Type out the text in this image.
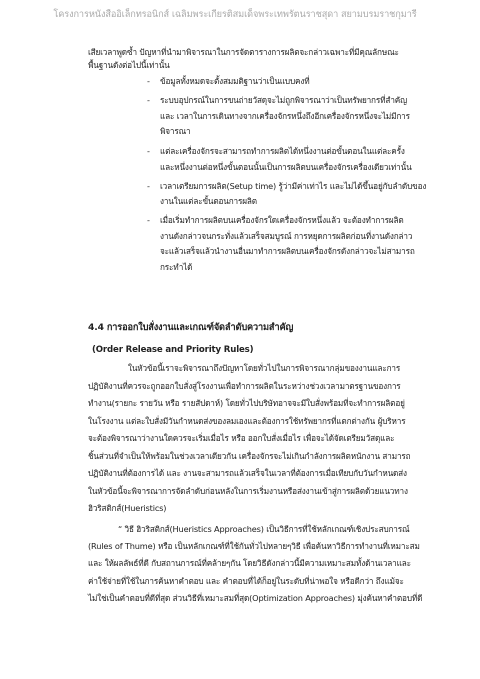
โครงการหนังสืออิเล็กทรอนิกส์ เฉลิมพระเกียรติสมเด็จพระเทพรัตนราชสุดา สยามบรมราชกุมารี
เสียเวลาพูดซ้ำ ปัญหาที่นำมาพิจารณาในการจัดตารางการผลิตจะกล่าวเฉพาะที่มีคุณลักษณะ
พื้นฐานดังต่อไปนี้เท่านั้น
- ข้อมูลทั้งหมดจะตั้งสมมติฐานว่าเป็นแบบคงที่
- ระบบอุปกรณ์ในการขนถ่ายวัสดุจะไม่ถูกพิจารณาว่าเป็นทรัพยากรที่สำคัญ
และ เวลาในการเดินทางจากเครื่องจักรหนึ่งถึงอีกเครื่องจักรหนึ่งจะไม่มีการ
พิจารณา
- แต่ละเครื่องจักรจะสามารถทำการผลิตได้หนึ่งงานต่อขั้นตอนในแต่ละครั้ง
และหนึ่งงานต่อหนึ่งขั้นตอนนั้นเป็นการผลิตบนเครื่องจักรเครื่องเดียวเท่านั้น
- เวลาเตรียมการผลิต(Setup time) รู้ว่ามีค่าเท่าไร และไม่ได้ขึ้นอยู่กับลำดับของ
งานในแต่ละขั้นตอนการผลิต
- เมื่อเริ่มทำการผลิตบนเครื่องจักรใดเครื่องจักรหนึ่งแล้ว จะต้องทำการผลิต
งานดังกล่าวจนกระทั่งแล้วเสร็จสมบูรณ์ การหยุดการผลิตก่อนที่งานดังกล่าว
จะแล้วเสร็จแล้วนำงานอื่นมาทำการผลิตบนเครื่องจักรดังกล่าวจะไม่สามารถ
กระทำได้
4.4 การออกใบสั่งงานและเกณฑ์จัดลำดับความสำคัญ
(Order Release and Priority Rules)
ในหัวข้อนี้เราจะพิจารณาถึงปัญหาโดยทั่วไปในการพิจารณากลุ่มของงานและการ
ปฏิบัติงานที่ควรจะถูกออกใบสั่งสู่โรงงานเพื่อทำการผลิตในระหว่างช่วงเวลามาตรฐานของการ
ทำงาน(รายกะ รายวัน หรือ รายสัปดาห์) โดยทั่วไปบริษัทอาจจะมีใบสั่งพร้อมที่จะทำการผลิตอยู่
ในโรงงาน แต่ละใบสั่งมีวันกำหนดส่งของลมเองและต้องการใช้ทรัพยากรที่แตกต่างกัน ผู้บริหาร
จะต้องพิจารณาว่างานใดควรจะเริ่มเมื่อไร หรือ ออกใบสั่งเมื่อไร เพื่อจะได้จัดเตรียมวัสดุและ
ชิ้นส่วนที่จำเป็นให้พร้อมในช่วงเวลาเดียวกัน เครื่องจักรจะไม่เกินกำลังการผลิตหนักงาน สามารถ
ปฏิบัติงานที่ต้องการได้ และ งานจะสามารถแล้วเสร็จในเวลาที่ต้องการเมื่อเทียบกับวันกำหนดส่ง
ในหัวข้อนี้จะพิจารณาการจัดลำดับก่อนหลังในการเริ่มงานหรือส่งงานเข้าสู่การผลิตด้วยแนวทาง
ฮิวริสติกส์(Hueristics)
“ วิธี ฮิวริสติกส์(Hueristics Approaches) เป็นวิธีการที่ใช้หลักเกณฑ์เชิงประสบการณ์
(Rules of Thume) หรือ เป็นหลักเกณฑ์ที่ใช้กันทั่วไปหลายๆวิธี เพื่อค้นหาวิธีการทำงานที่เหมาะสม
และ ให้ผลลัพธ์ที่ดี กับสถานการณ์ที่คล้ายๆกัน โดยวิธีดังกล่าวนี้มีความเหมาะสมทั้งด้านเวลาและ
ค่าใช้จ่ายที่ใช้ในการค้นหาคำตอบ และ คำตอบที่ได้ก็อยู่ในระดับที่น่าพอใจ หรือดีกว่า ถึงแม้จะ
ไม่ใช่เป็นคำตอบที่ดีที่สุด ส่วนวิธีที่เหมาะสมที่สุด(Optimization Approaches) มุ่งค้นหาคำตอบที่ดี
